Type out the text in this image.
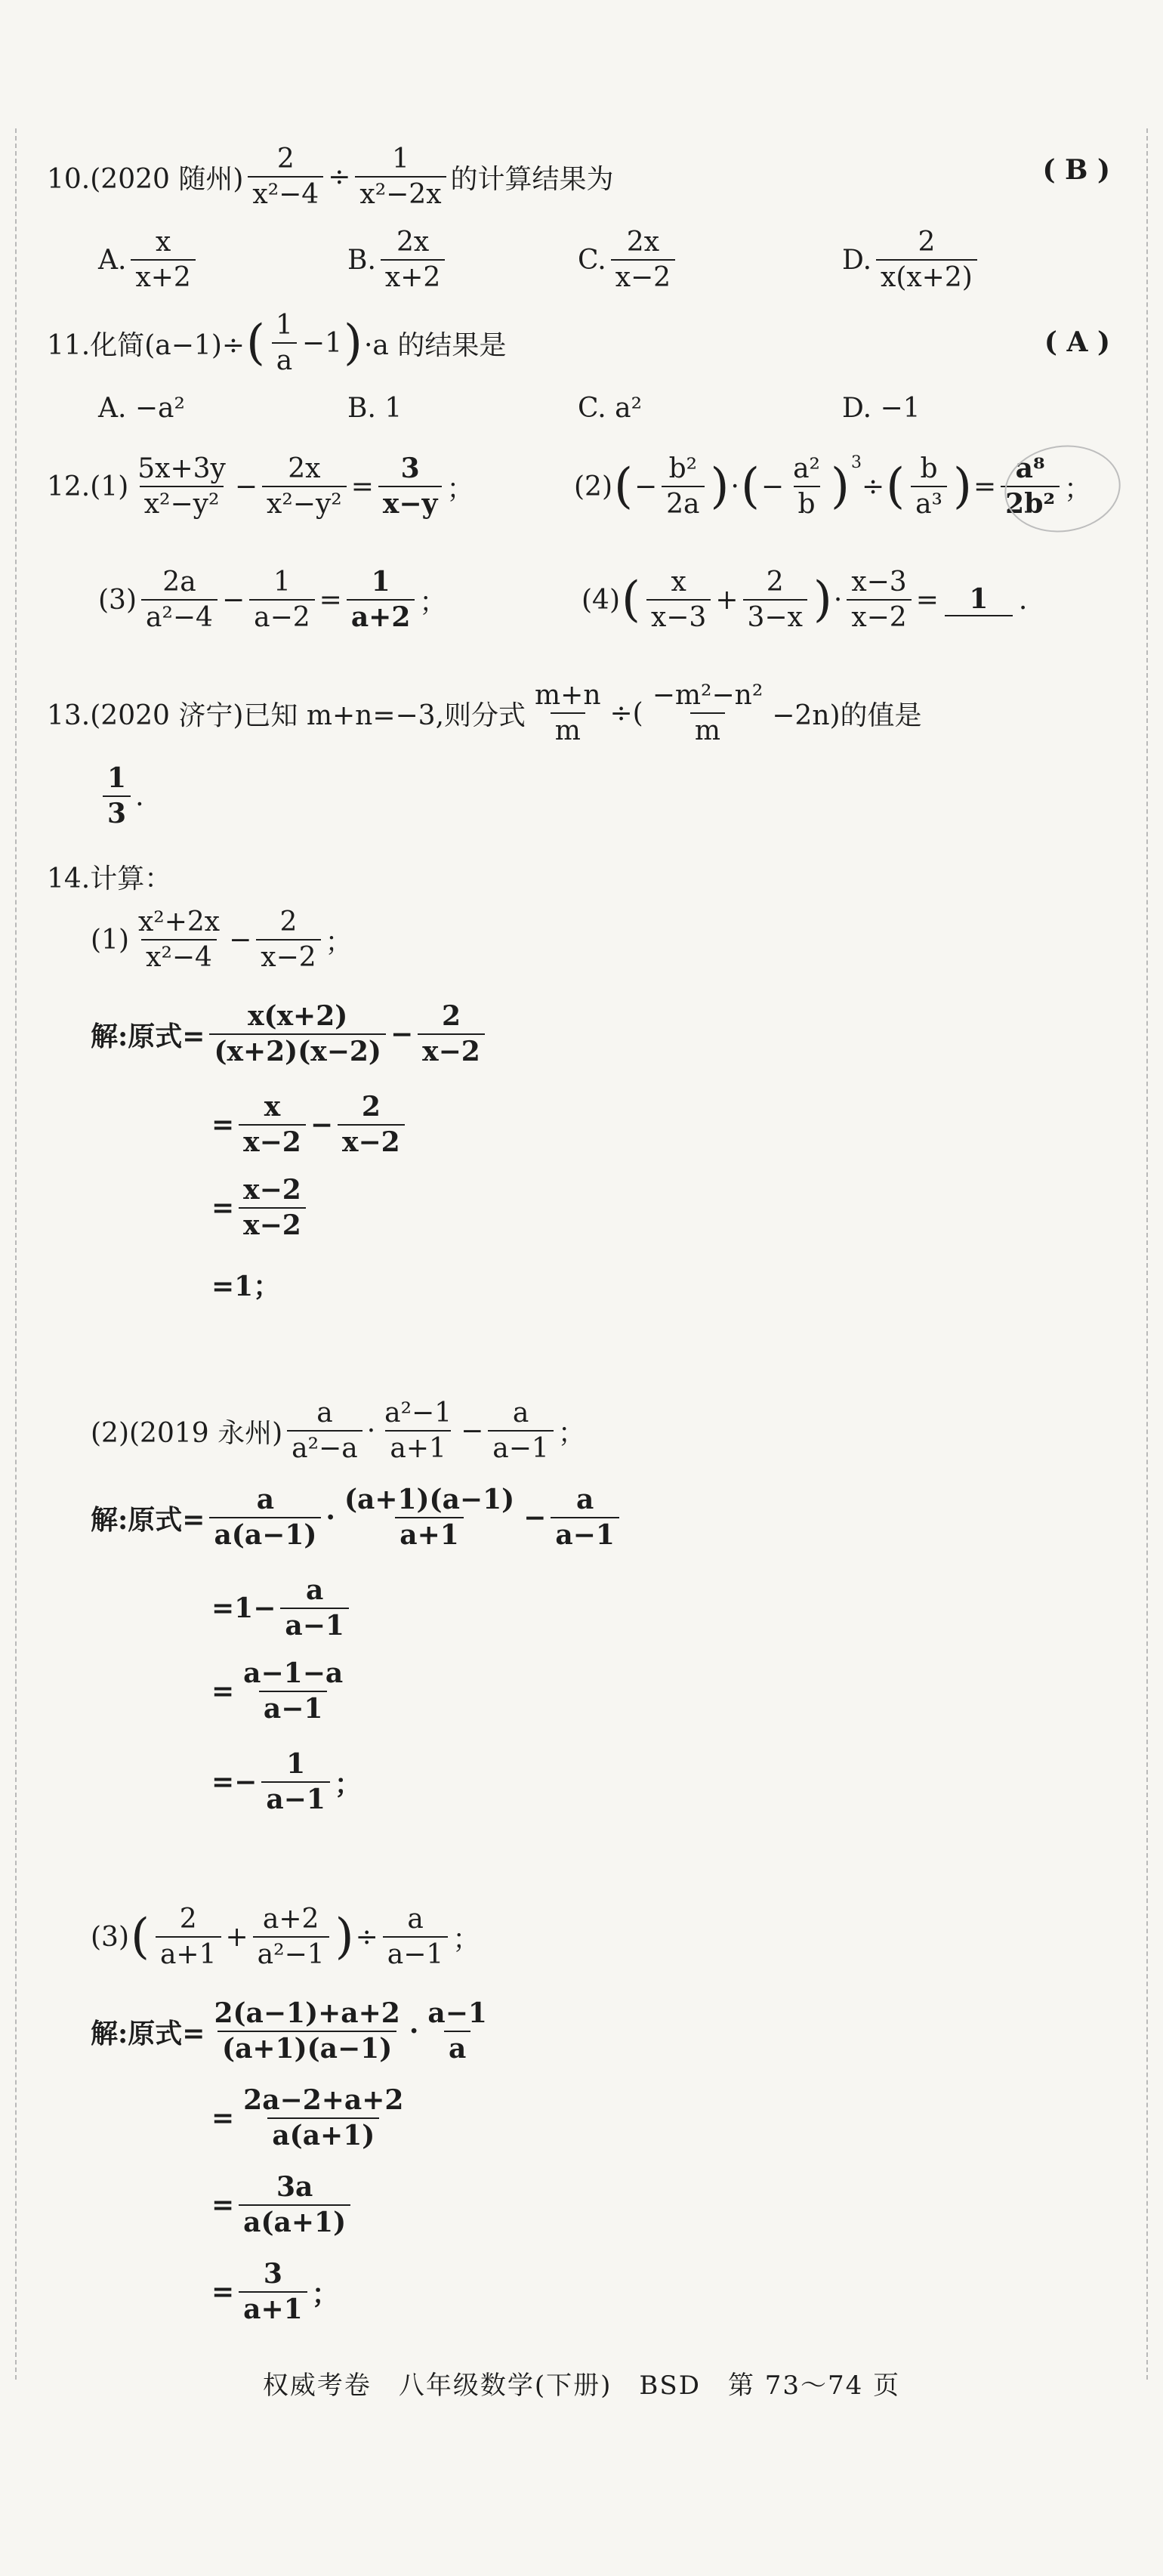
10.(2020 随州) $\frac{2}{\text{x²−4}} \div \frac{1}{\text{x²−2x}}$ 的计算结果为	( B )
A. $\frac{x}{x+2}$	B. $\frac{2x}{x+2}$	C. $\frac{2x}{x-2}$	D. $\frac{2}{x(x+2)}$
11.化简(a−1)÷ ( $\frac{1}{a} -1$ ) ·a 的结果是	( A )
A. −a²	B. 1	C. a²	D. −1
$12.(1) \frac{5x+3y}{\text{x²−y²}} - \frac{2x}{\text{x²−y²}} = \frac{3}{x-y}$ ；	(2) ( − $\frac{\text{b²}}{2a}$ ) · ( − $\frac{\text{a²}}{b} )^3$
÷ ( $\frac{b}{\text{a³}}$ ) = $\frac{\text{a⁸}}{\text{2b²}}$ ；
$(3) \frac{2a}{\text{a²−4}} - \frac{1}{a-2} = \frac{1}{a+2}$ ；	(4) ( $\frac{x}{x-3} + \frac{2}{3-x}$ ) · $\frac{x-3}{x-2}$ =	1	.
13.(2020 济宁)已知 m+n=−3,则分式 $\frac{m+n}{m}$ ÷( $\frac{\text{−m²−n²}}{m} -2n$)的值是
$\frac{1}{3}$ .
14.计算：
$(1) \frac{\text{x²+2x}}{\text{x²−4}} - \frac{2}{x-2}$ ；
解:原式= $\frac{x(x+2)}{(x+2)(x-2)} - \frac{2}{x-2}$
= $\frac{x}{x-2} - \frac{2}{x-2}$
= $\frac{x-2}{x-2}$
=1；
(2)(2019 永州) $\frac{a}{\text{a²−a}} \cdot \frac{\text{a²−1}}{a+1} - \frac{a}{a-1}$ ；
解:原式= $\frac{a}{a(a-1)} \cdot \frac{(a+1)(a-1)}{a+1} - \frac{a}{a-1}$
$=1- \frac{a}{a-1}$
= $\frac{a-1-a}{a-1}$
=− $\frac{1}{a-1}$ ；
(3) ( $\frac{2}{a+1} + \frac{a+2}{\text{a²−1}}$ ) ÷ $\frac{a}{a-1}$ ；
解:原式= $\frac{2(a-1)+a+2}{(a+1)(a-1)} \cdot \frac{a-1}{a}$
= $\frac{2a-2+a+2}{a(a+1)}$
= $\frac{3a}{a(a+1)}$
= $\frac{3}{a+1}$ ；
权威考卷　八年级数学(下册)　BSD　第 73～74 页
